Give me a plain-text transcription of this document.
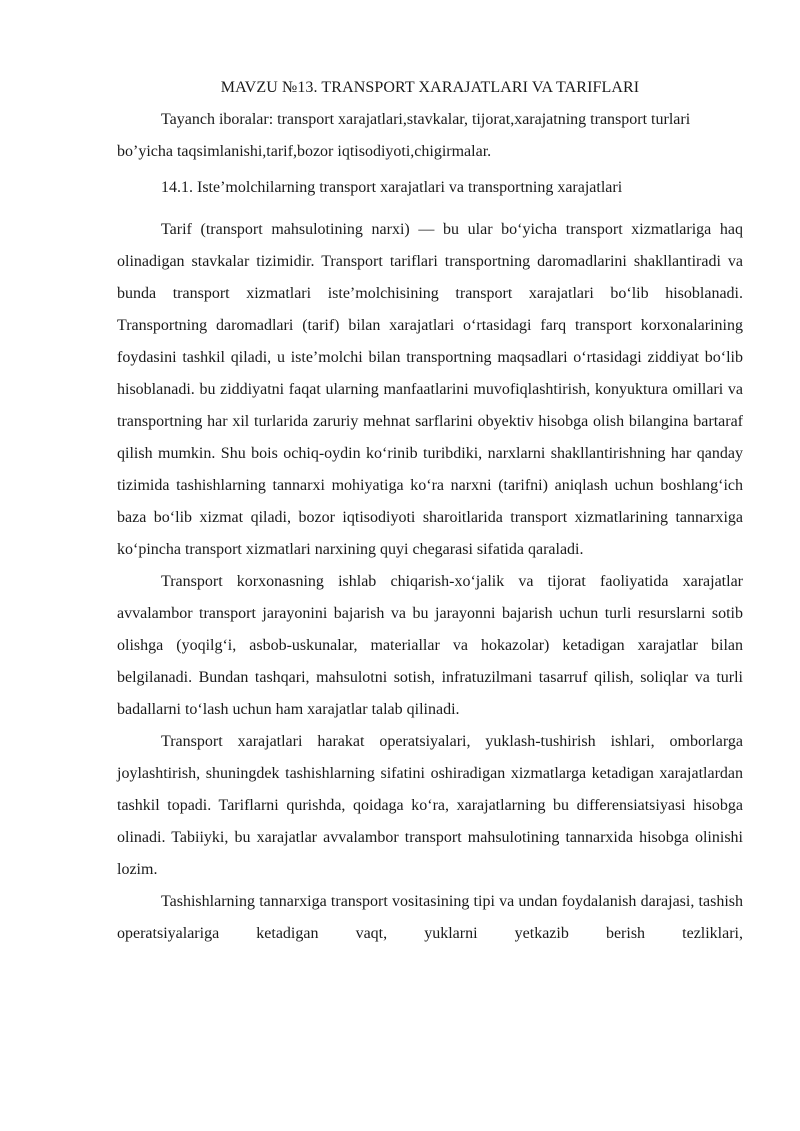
MAVZU №13. TRANSPORT XARAJATLARI VA TARIFLARI

Tayanch iboralar: transport xarajatlari,stavkalar, tijorat,xarajatning transport turlari bo’yicha taqsimlanishi,tarif,bozor iqtisodiyoti,chigirmalar.

14.1. Iste’molchilarning transport xarajatlari va transportning xarajatlari

Tarif (transport mahsulotining narxi) — bu ular bo‘yicha transport xizmatlariga haq olinadigan stavkalar tizimidir. Transport tariflari transportning daromadlarini shakllantiradi va bunda transport xizmatlari iste’molchisining transport xarajatlari bo‘lib hisoblanadi. Transportning daromadlari (tarif) bilan xarajatlari o‘rtasidagi farq transport korxonalarining foydasini tashkil qiladi, u iste’molchi bilan transportning maqsadlari o‘rtasidagi ziddiyat bo‘lib hisoblanadi. bu ziddiyatni faqat ularning manfaatlarini muvofiqlashtirish, konyuktura omillari va transportning har xil turlarida zaruriy mehnat sarflarini obyektiv hisobga olish bilangina bartaraf qilish mumkin. Shu bois ochiq-oydin ko‘rinib turibdiki, narxlarni shakllantirishning har qanday tizimida tashishlarning tannarxi mohiyatiga ko‘ra narxni (tarifni) aniqlash uchun boshlang‘ich baza bo‘lib xizmat qiladi, bozor iqtisodiyoti sharoitlarida transport xizmatlarining tannarxiga ko‘pincha transport xizmatlari narxining quyi chegarasi sifatida qaraladi.

Transport korxonasning ishlab chiqarish-xo‘jalik va tijorat faoliyatida xarajatlar avvalambor transport jarayonini bajarish va bu jarayonni bajarish uchun turli resurslarni sotib olishga (yoqilg‘i, asbob-uskunalar, materiallar va hokazolar) ketadigan xarajatlar bilan belgilanadi. Bundan tashqari, mahsulotni sotish, infratuzilmani tasarruf qilish, soliqlar va turli badallarni to‘lash uchun ham xarajatlar talab qilinadi.

Transport xarajatlari harakat operatsiyalari, yuklash-tushirish ishlari, omborlarga joylashtirish, shuningdek tashishlarning sifatini oshiradigan xizmatlarga ketadigan xarajatlardan tashkil topadi. Tariflarni qurishda, qoidaga ko‘ra, xarajatlarning bu differensiatsiyasi hisobga olinadi. Tabiiyki, bu xarajatlar avvalambor transport mahsulotining tannarxida hisobga olinishi lozim.

Tashishlarning tannarxiga transport vositasining tipi va undan foydalanish darajasi, tashish operatsiyalariga ketadigan vaqt, yuklarni yetkazib berish tezliklari,
